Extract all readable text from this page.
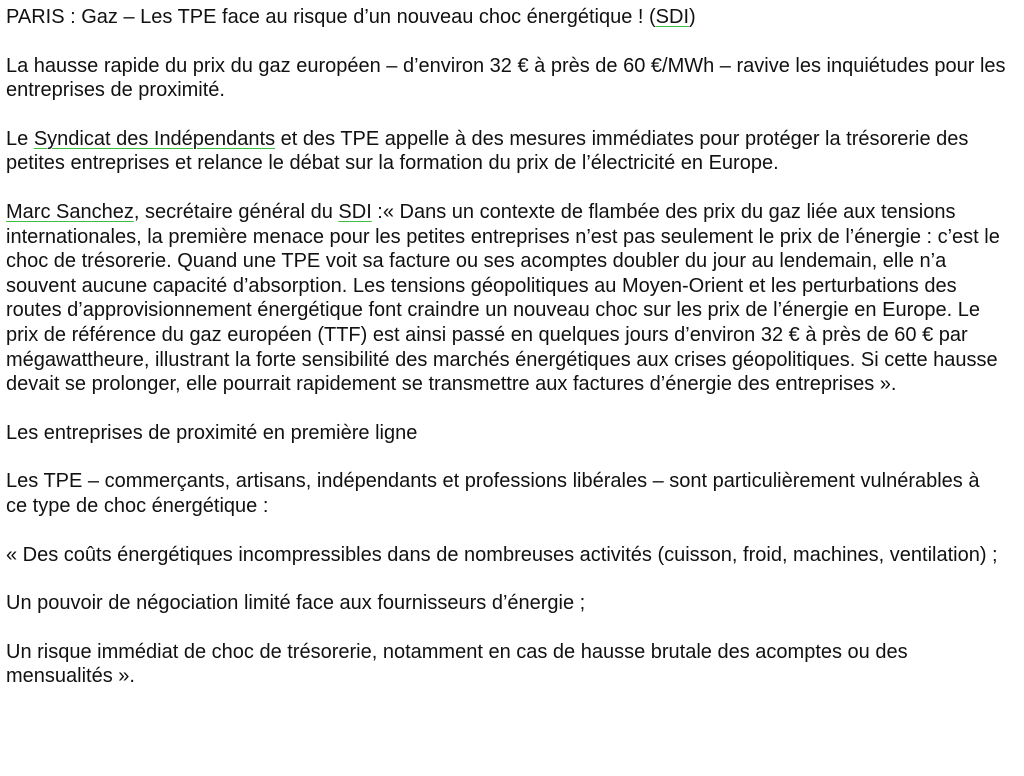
PARIS : Gaz – Les TPE face au risque d’un nouveau choc énergétique ! (SDI)

La hausse rapide du prix du gaz européen – d’environ 32 € à près de 60 €/MWh – ravive les inquiétudes pour les entreprises de proximité.

Le Syndicat des Indépendants et des TPE appelle à des mesures immédiates pour protéger la trésorerie des petites entreprises et relance le débat sur la formation du prix de l’électricité en Europe.

Marc Sanchez, secrétaire général du SDI :« Dans un contexte de flambée des prix du gaz liée aux tensions internationales, la première menace pour les petites entreprises n’est pas seulement le prix de l’énergie : c’est le choc de trésorerie. Quand une TPE voit sa facture ou ses acomptes doubler du jour au lendemain, elle n’a souvent aucune capacité d’absorption. Les tensions géopolitiques au Moyen-Orient et les perturbations des routes d’approvisionnement énergétique font craindre un nouveau choc sur les prix de l’énergie en Europe. Le prix de référence du gaz européen (TTF) est ainsi passé en quelques jours d’environ 32 € à près de 60 € par mégawattheure, illustrant la forte sensibilité des marchés énergétiques aux crises géopolitiques. Si cette hausse devait se prolonger, elle pourrait rapidement se transmettre aux factures d’énergie des entreprises ».

Les entreprises de proximité en première ligne

Les TPE – commerçants, artisans, indépendants et professions libérales – sont particulièrement vulnérables à ce type de choc énergétique :

« Des coûts énergétiques incompressibles dans de nombreuses activités (cuisson, froid, machines, ventilation) ;

Un pouvoir de négociation limité face aux fournisseurs d’énergie ;

Un risque immédiat de choc de trésorerie, notamment en cas de hausse brutale des acomptes ou des mensualités ».
